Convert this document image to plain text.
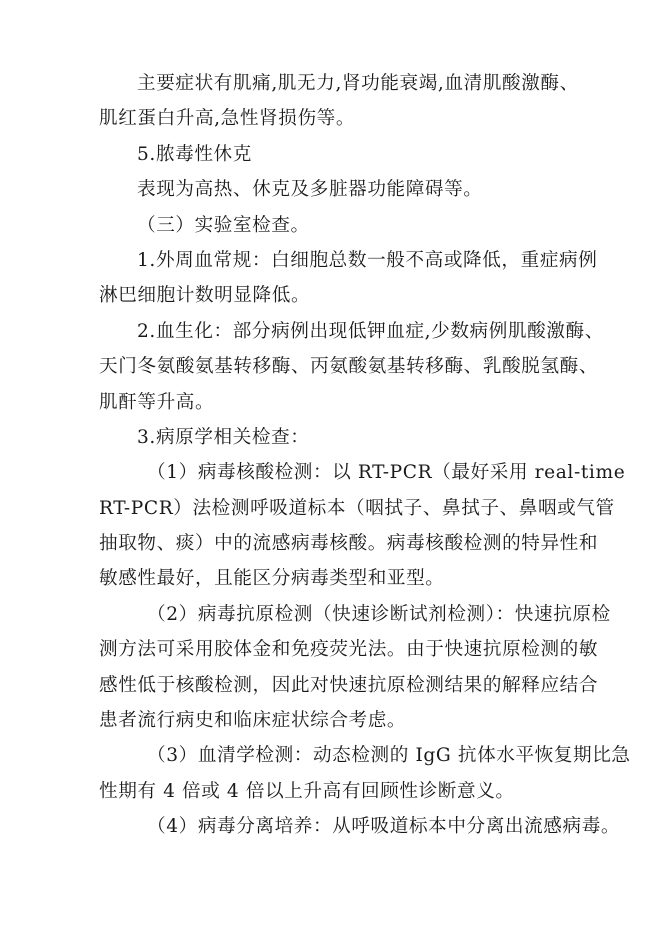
主要症状有肌痛,肌无力,肾功能衰竭,血清肌酸激酶、
肌红蛋白升高,急性肾损伤等。
5.脓毒性休克
表现为高热、休克及多脏器功能障碍等。
（三）实验室检查。
1.外周血常规：白细胞总数一般不高或降低，重症病例
淋巴细胞计数明显降低。
2.血生化：部分病例出现低钾血症,少数病例肌酸激酶、
天门冬氨酸氨基转移酶、丙氨酸氨基转移酶、乳酸脱氢酶、
肌酐等升高。
3.病原学相关检查：
（1）病毒核酸检测：以 RT-PCR（最好采用 real-time
RT-PCR）法检测呼吸道标本（咽拭子、鼻拭子、鼻咽或气管
抽取物、痰）中的流感病毒核酸。病毒核酸检测的特异性和
敏感性最好，且能区分病毒类型和亚型。
（2）病毒抗原检测（快速诊断试剂检测）：快速抗原检
测方法可采用胶体金和免疫荧光法。由于快速抗原检测的敏
感性低于核酸检测，因此对快速抗原检测结果的解释应结合
患者流行病史和临床症状综合考虑。
（3）血清学检测：动态检测的 IgG 抗体水平恢复期比急
性期有 4 倍或 4 倍以上升高有回顾性诊断意义。
（4）病毒分离培养：从呼吸道标本中分离出流感病毒。
